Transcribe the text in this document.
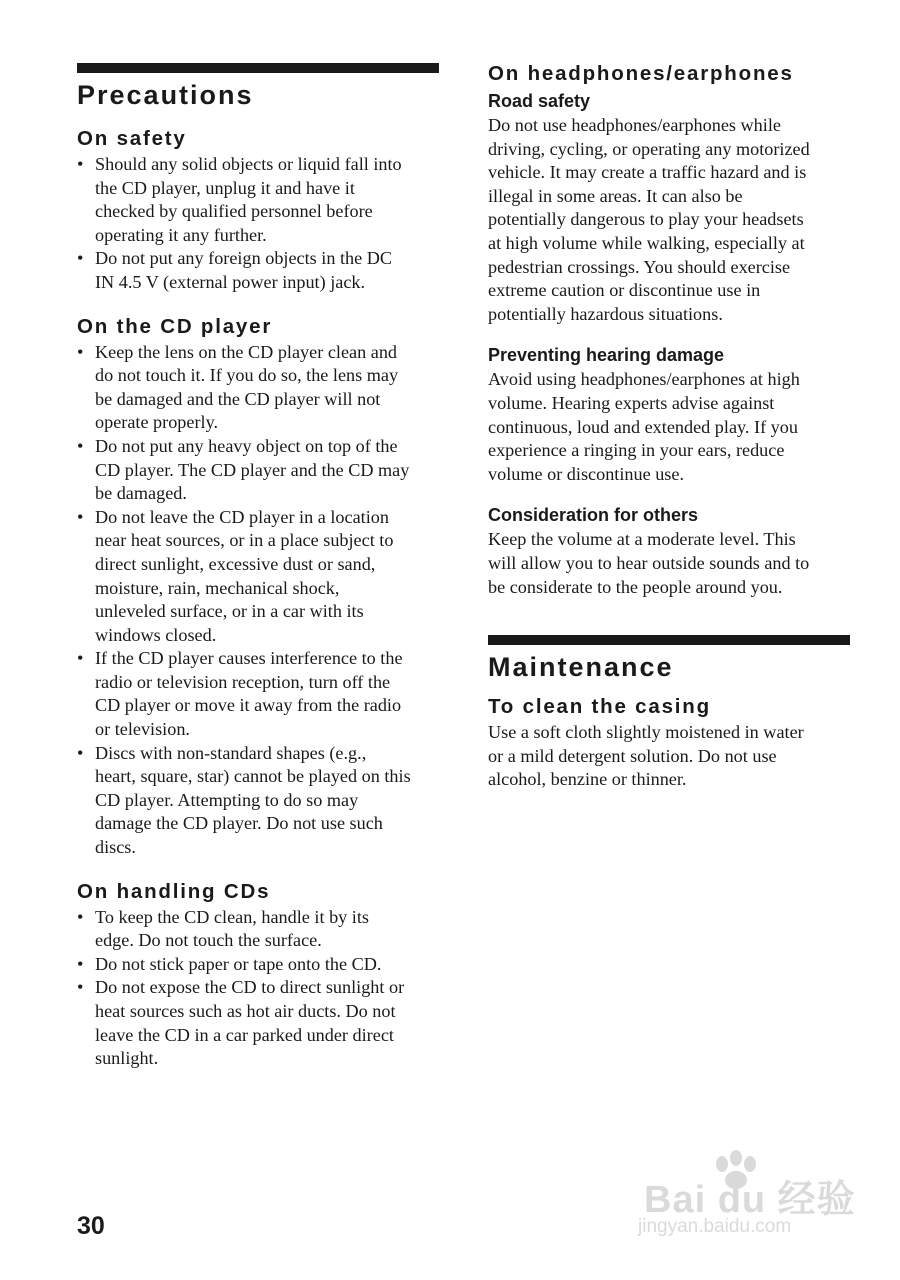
Precautions
On safety
• Should any solid objects or liquid fall into
the CD player, unplug it and have it
checked by qualified personnel before
operating it any further.
• Do not put any foreign objects in the DC
IN 4.5 V (external power input) jack.
On the CD player
• Keep the lens on the CD player clean and
do not touch it. If you do so, the lens may
be damaged and the CD player will not
operate properly.
• Do not put any heavy object on top of the
CD player. The CD player and the CD may
be damaged.
• Do not leave the CD player in a location
near heat sources, or in a place subject to
direct sunlight, excessive dust or sand,
moisture, rain, mechanical shock,
unleveled surface, or in a car with its
windows closed.
• If the CD player causes interference to the
radio or television reception, turn off the
CD player or move it away from the radio
or television.
• Discs with non-standard shapes (e.g.,
heart, square, star) cannot be played on this
CD player. Attempting to do so may
damage the CD player. Do not use such
discs.
On handling CDs
• To keep the CD clean, handle it by its
edge. Do not touch the surface.
• Do not stick paper or tape onto the CD.
• Do not expose the CD to direct sunlight or
heat sources such as hot air ducts. Do not
leave the CD in a car parked under direct
sunlight.
On headphones/earphones
Road safety

Do not use headphones/earphones while
driving, cycling, or operating any motorized
vehicle. It may create a traffic hazard and is
illegal in some areas. It can also be
potentially dangerous to play your headsets
at high volume while walking, especially at
pedestrian crossings. You should exercise
extreme caution or discontinue use in
potentially hazardous situations.

Preventing hearing damage

Avoid using headphones/earphones at high
volume. Hearing experts advise against
continuous, loud and extended play. If you
experience a ringing in your ears, reduce
volume or discontinue use.

Consideration for others

Keep the volume at a moderate level. This
will allow you to hear outside sounds and to
be considerate to the people around you.

Maintenance
To clean the casing

Use a soft cloth slightly moistened in water
or a mild detergent solution. Do not use
alcohol, benzine or thinner.

30
Bai du 经验
jingyan.baidu.com
